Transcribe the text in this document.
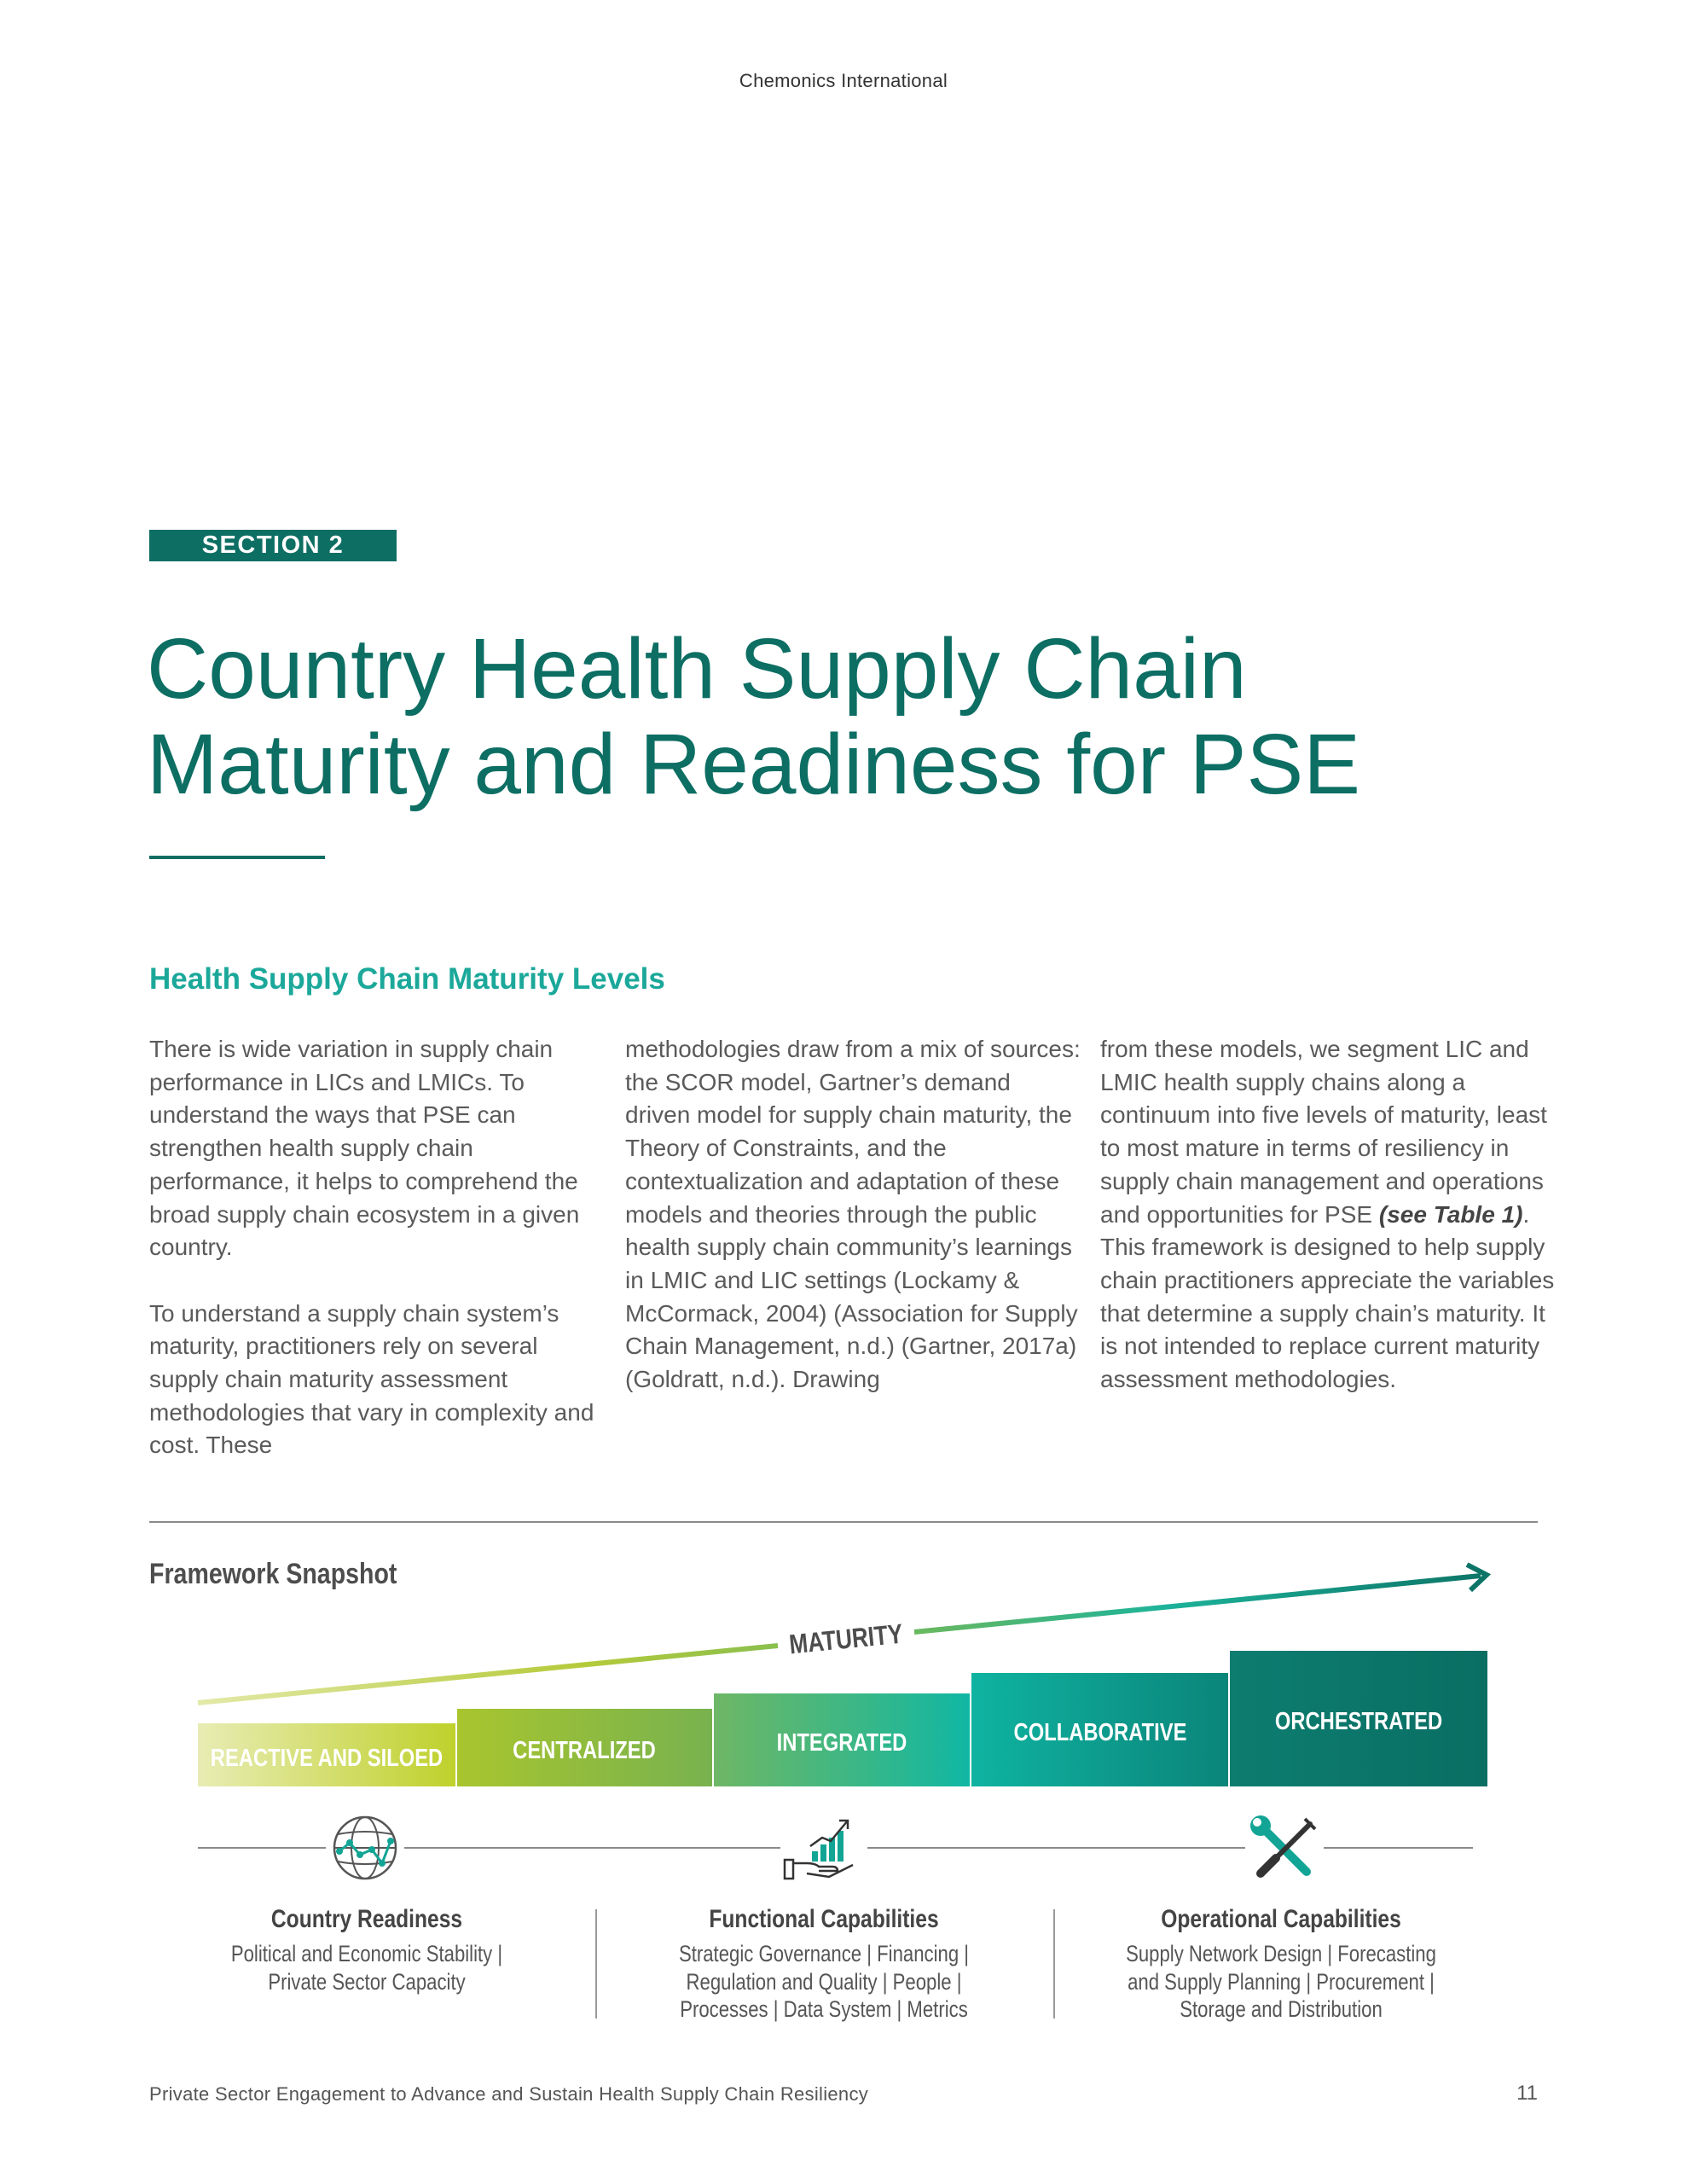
Chemonics International
SECTION 2
Country Health Supply Chain
Maturity and Readiness for PSE
Health Supply Chain Maturity Levels

There is wide variation in supply chain performance in LICs and LMICs. To understand the ways that PSE can strengthen health supply chain performance, it helps to comprehend the broad supply chain ecosystem in a given country.

To understand a supply chain system’s maturity, practitioners rely on several supply chain maturity assessment methodologies that vary in complexity and cost. These

methodologies draw from a mix of sources: the SCOR model, Gartner’s demand driven model for supply chain maturity, the Theory of Constraints, and the contextualization and adaptation of these models and theories through the public health supply chain community’s learnings in LMIC and LIC settings (Lockamy & McCormack, 2004) (Association for Supply Chain Management, n.d.) (Gartner, 2017a) (Goldratt, n.d.). Drawing

from these models, we segment LIC and LMIC health supply chains along a continuum into five levels of maturity, least to most mature in terms of resiliency in supply chain management and operations and opportunities for PSE (see Table 1). This framework is designed to help supply chain practitioners appreciate the variables that determine a supply chain’s maturity. It is not intended to replace current maturity assessment methodologies.

Framework Snapshot
MATURITY
REACTIVE AND SILOED	CENTRALIZED	INTEGRATED	COLLABORATIVE	ORCHESTRATED
Country Readiness
Political and Economic Stability | Private Sector Capacity
Functional Capabilities
Strategic Governance | Financing | Regulation and Quality | People | Processes | Data System | Metrics
Operational Capabilities
Supply Network Design | Forecasting and Supply Planning | Procurement | Storage and Distribution
Private Sector Engagement to Advance and Sustain Health Supply Chain Resiliency	11
